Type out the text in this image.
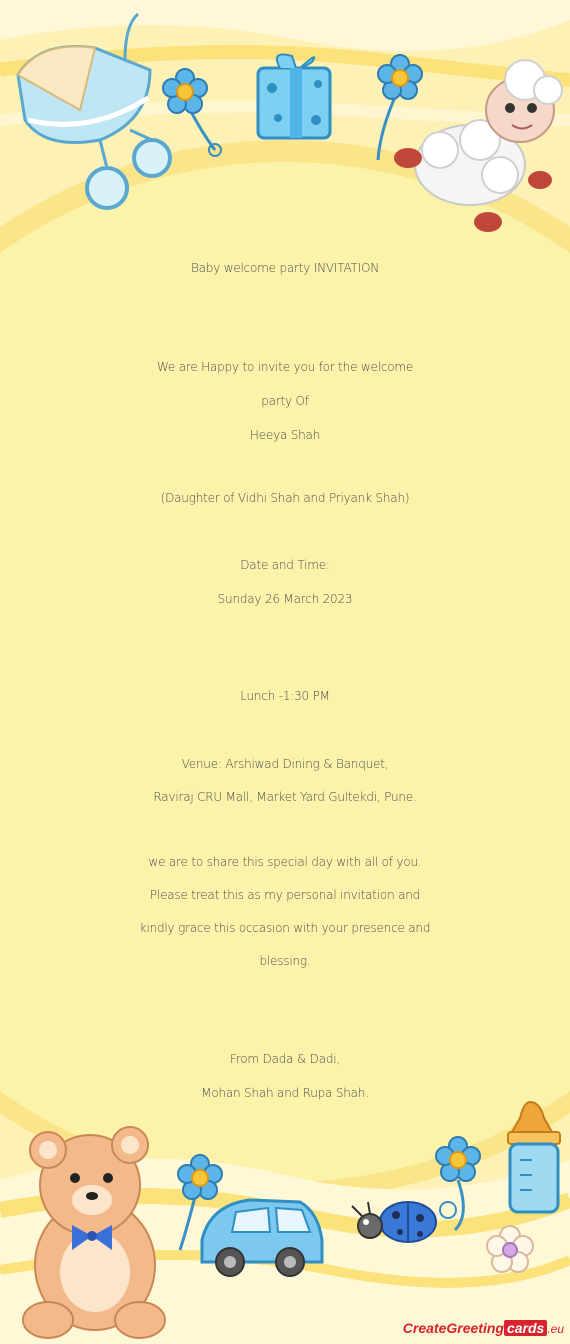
Baby welcome party INVITATION
We are Happy to invite you for the welcome
party Of
Heeya Shah
(Daughter of Vidhi Shah and Priyank Shah)
Date and Time:
Sunday 26 March 2023
Lunch -1:30 PM
Venue: Arshiwad Dining & Banquet,
Raviraj CRU Mall, Market Yard Gultekdi, Pune.
we are to share this special day with all of you.
Please treat this as my personal invitation and
kindly grace this occasion with your presence and
blessing.
From Dada & Dadi,
Mohan Shah and Rupa Shah.
CreateGreeting cards .eu
